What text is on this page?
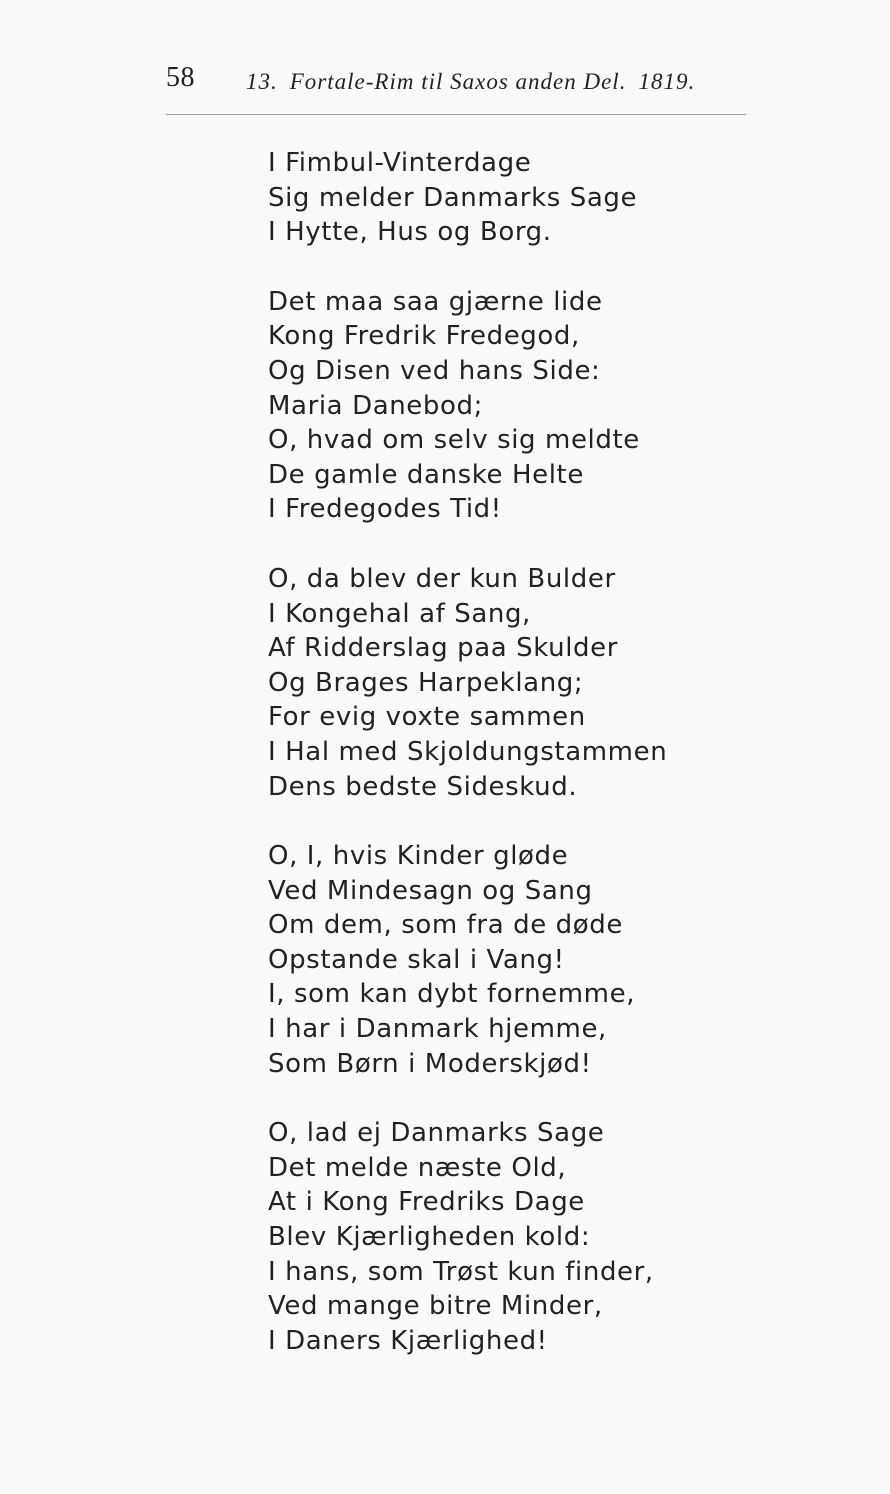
58 13. Fortale-Rim til Saxos anden Del. 1819.
I Fimbul-Vinterdage
Sig melder Danmarks Sage
I Hytte, Hus og Borg.
Det maa saa gjærne lide
Kong Fredrik Fredegod,
Og Disen ved hans Side:
Maria Danebod;
O, hvad om selv sig meldte
De gamle danske Helte
I Fredegodes Tid!
O, da blev der kun Bulder
I Kongehal af Sang,
Af Ridderslag paa Skulder
Og Brages Harpeklang;
For evig voxte sammen
I Hal med Skjoldungstammen
Dens bedste Sideskud.
O, I, hvis Kinder gløde
Ved Mindesagn og Sang
Om dem, som fra de døde
Opstande skal i Vang!
I, som kan dybt fornemme,
I har i Danmark hjemme,
Som Børn i Moderskjød!
O, lad ej Danmarks Sage
Det melde næste Old,
At i Kong Fredriks Dage
Blev Kjærligheden kold:
I hans, som Trøst kun finder,
Ved mange bitre Minder,
I Daners Kjærlighed!
